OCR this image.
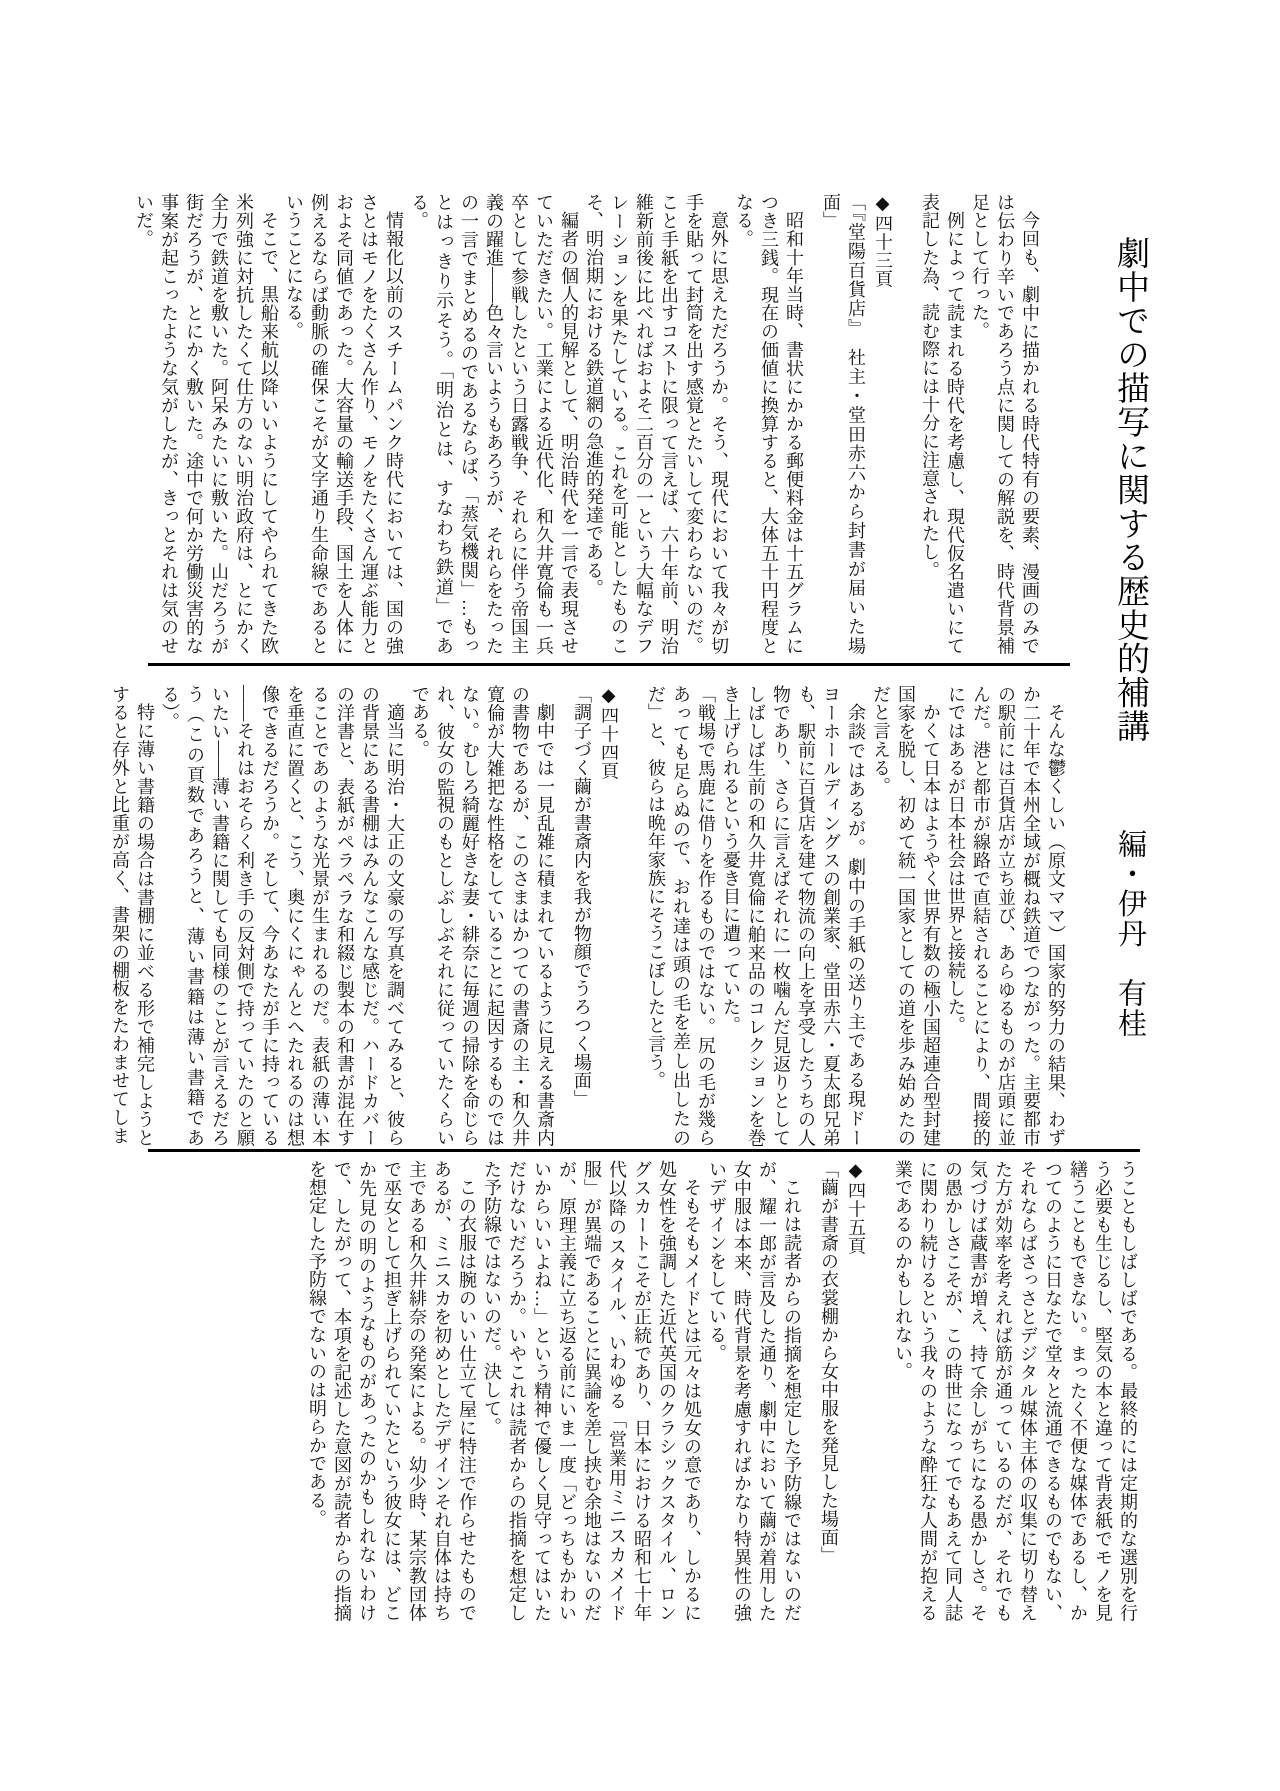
劇中での描写に関する歴史的補講編・伊丹　有桂

今回も、劇中に描かれる時代特有の要素、漫画のみでは伝わり辛いであろう点に関しての解説を、時代背景補足として行った。

例によって読まれる時代を考慮し、現代仮名遣いにて表記した為、読む際には十分に注意されたし。

◆四十三頁

「『堂陽百貨店』　社主・堂田赤六から封書が届いた場面」

昭和十年当時、書状にかかる郵便料金は十五グラムにつき三銭。現在の価値に換算すると、大体五十円程度となる。

意外に思えただろうか。そう、現代において我々が切手を貼って封筒を出す感覚とたいして変わらないのだ。こと手紙を出すコストに限って言えば、六十年前、明治維新前後に比べればおよそ二百分の一という大幅なデフレーションを果たしている。これを可能としたものこそ、明治期における鉄道網の急進的発達である。

編者の個人的見解として、明治時代を一言で表現させていただきたい。工業による近代化、和久井寛倫も一兵卒として参戦したという日露戦争、それらに伴う帝国主義の躍進――色々言いようもあろうが、それらをたったの一言でまとめるのであるならば、「蒸気機関」…もっとはっきり示そう。「明治とは、すなわち鉄道」である。

情報化以前のスチームパンク時代においては、国の強さとはモノをたくさん作り、モノをたくさん運ぶ能力とおよそ同値であった。大容量の輸送手段、国土を人体に例えるならば動脈の確保こそが文字通り生命線であるということになる。

そこで、黒船来航以降いいようにしてやられてきた欧米列強に対抗したくて仕方のない明治政府は、とにかく全力で鉄道を敷いた。阿呆みたいに敷いた。山だろうが街だろうが、とにかく敷いた。途中で何か労働災害的な事案が起こったような気がしたが、きっとそれは気のせいだ。

そんな鬱くしい（原文ママ）国家的努力の結果、わずか二十年で本州全域が概ね鉄道でつながった。主要都市の駅前には百貨店が立ち並び、あらゆるものが店頭に並んだ。港と都市が線路で直結されることにより、間接的にではあるが日本社会は世界と接続した。

かくて日本はようやく世界有数の極小国超連合型封建国家を脱し、初めて統一国家としての道を歩み始めたのだと言える。

余談ではあるが。劇中の手紙の送り主である現ドーヨーホールディングスの創業家、堂田赤六・夏太郎兄弟も、駅前に百貨店を建て物流の向上を享受したうちの人物であり、さらに言えばそれに一枚噛んだ見返りとしてしばしば生前の和久井寛倫に舶来品のコレクションを巻き上げられるという憂き目に遭っていた。

「戦場で馬鹿に借りを作るものではない。尻の毛が幾らあっても足らぬので、おれ達は頭の毛を差し出したのだ」と、彼らは晩年家族にそうこぼしたと言う。

◆四十四頁

「調子づく繭が書斎内を我が物顔でうろつく場面」

劇中では一見乱雑に積まれているように見える書斎内の書物であるが、このさまはかつての書斎の主・和久井寛倫が大雑把な性格をしていることに起因するものではない。むしろ綺麗好きな妻・緋奈に毎週の掃除を命じられ、彼女の監視のもとしぶしぶそれに従っていたくらいである。

適当に明治・大正の文豪の写真を調べてみると、彼らの背景にある書棚はみんなこんな感じだ。ハードカバーの洋書と、表紙がペラペラな和綴じ製本の和書が混在することであのような光景が生まれるのだ。表紙の薄い本を垂直に置くと、こう、奥にくにゃんとへたれるのは想像できるだろうか。そして、今あなたが手に持っている――それはおそらく利き手の反対側で持っていたのと願いたい――薄い書籍に関しても同様のことが言えるだろう（この頁数であろうと、薄い書籍は薄い書籍である）。

特に薄い書籍の場合は書棚に並べる形で補完しようとすると存外と比重が高く、書架の棚板をたわませてしま

うこともしばしばである。最終的には定期的な選別を行う必要も生じるし、堅気の本と違って背表紙でモノを見繕うこともできない。まったく不便な媒体であるし、かつてのように日なたで堂々と流通できるものでもない、それならばさっさとデジタル媒体主体の収集に切り替えた方が効率を考えれば筋が通っているのだが、それでも気づけば蔵書が増え、持て余しがちになる愚かしさ。その愚かしさこそが、この時世になってでもあえて同人誌に関わり続けるという我々のような酔狂な人間が抱える業であるのかもしれない。

◆四十五頁

「繭が書斎の衣裳棚から女中服を発見した場面」

これは読者からの指摘を想定した予防線ではないのだが、耀一郎が言及した通り、劇中において繭が着用した女中服は本来、時代背景を考慮すればかなり特異性の強いデザインをしている。

そもそもメイドとは元々は処女の意であり、しかるに処女性を強調した近代英国のクラシックスタイル、ロングスカートこそが正統であり、日本における昭和七十年代以降のスタイル、いわゆる「営業用ミニスカメイド服」が異端であることに異論を差し挟む余地はないのだが、原理主義に立ち返る前にいま一度「どっちもかわいいからいいよね…」という精神で優しく見守ってはいただけないだろうか。いやこれは読者からの指摘を想定した予防線ではないのだ。決して。

この衣服は腕のいい仕立て屋に特注で作らせたものであるが、ミニスカを初めとしたデザインそれ自体は持ち主である和久井緋奈の発案による。幼少時、某宗教団体で巫女として担ぎ上げられていたという彼女には、どこか先見の明のようなものがあったのかもしれないわけで、したがって、本項を記述した意図が読者からの指摘を想定した予防線でないのは明らかである。
